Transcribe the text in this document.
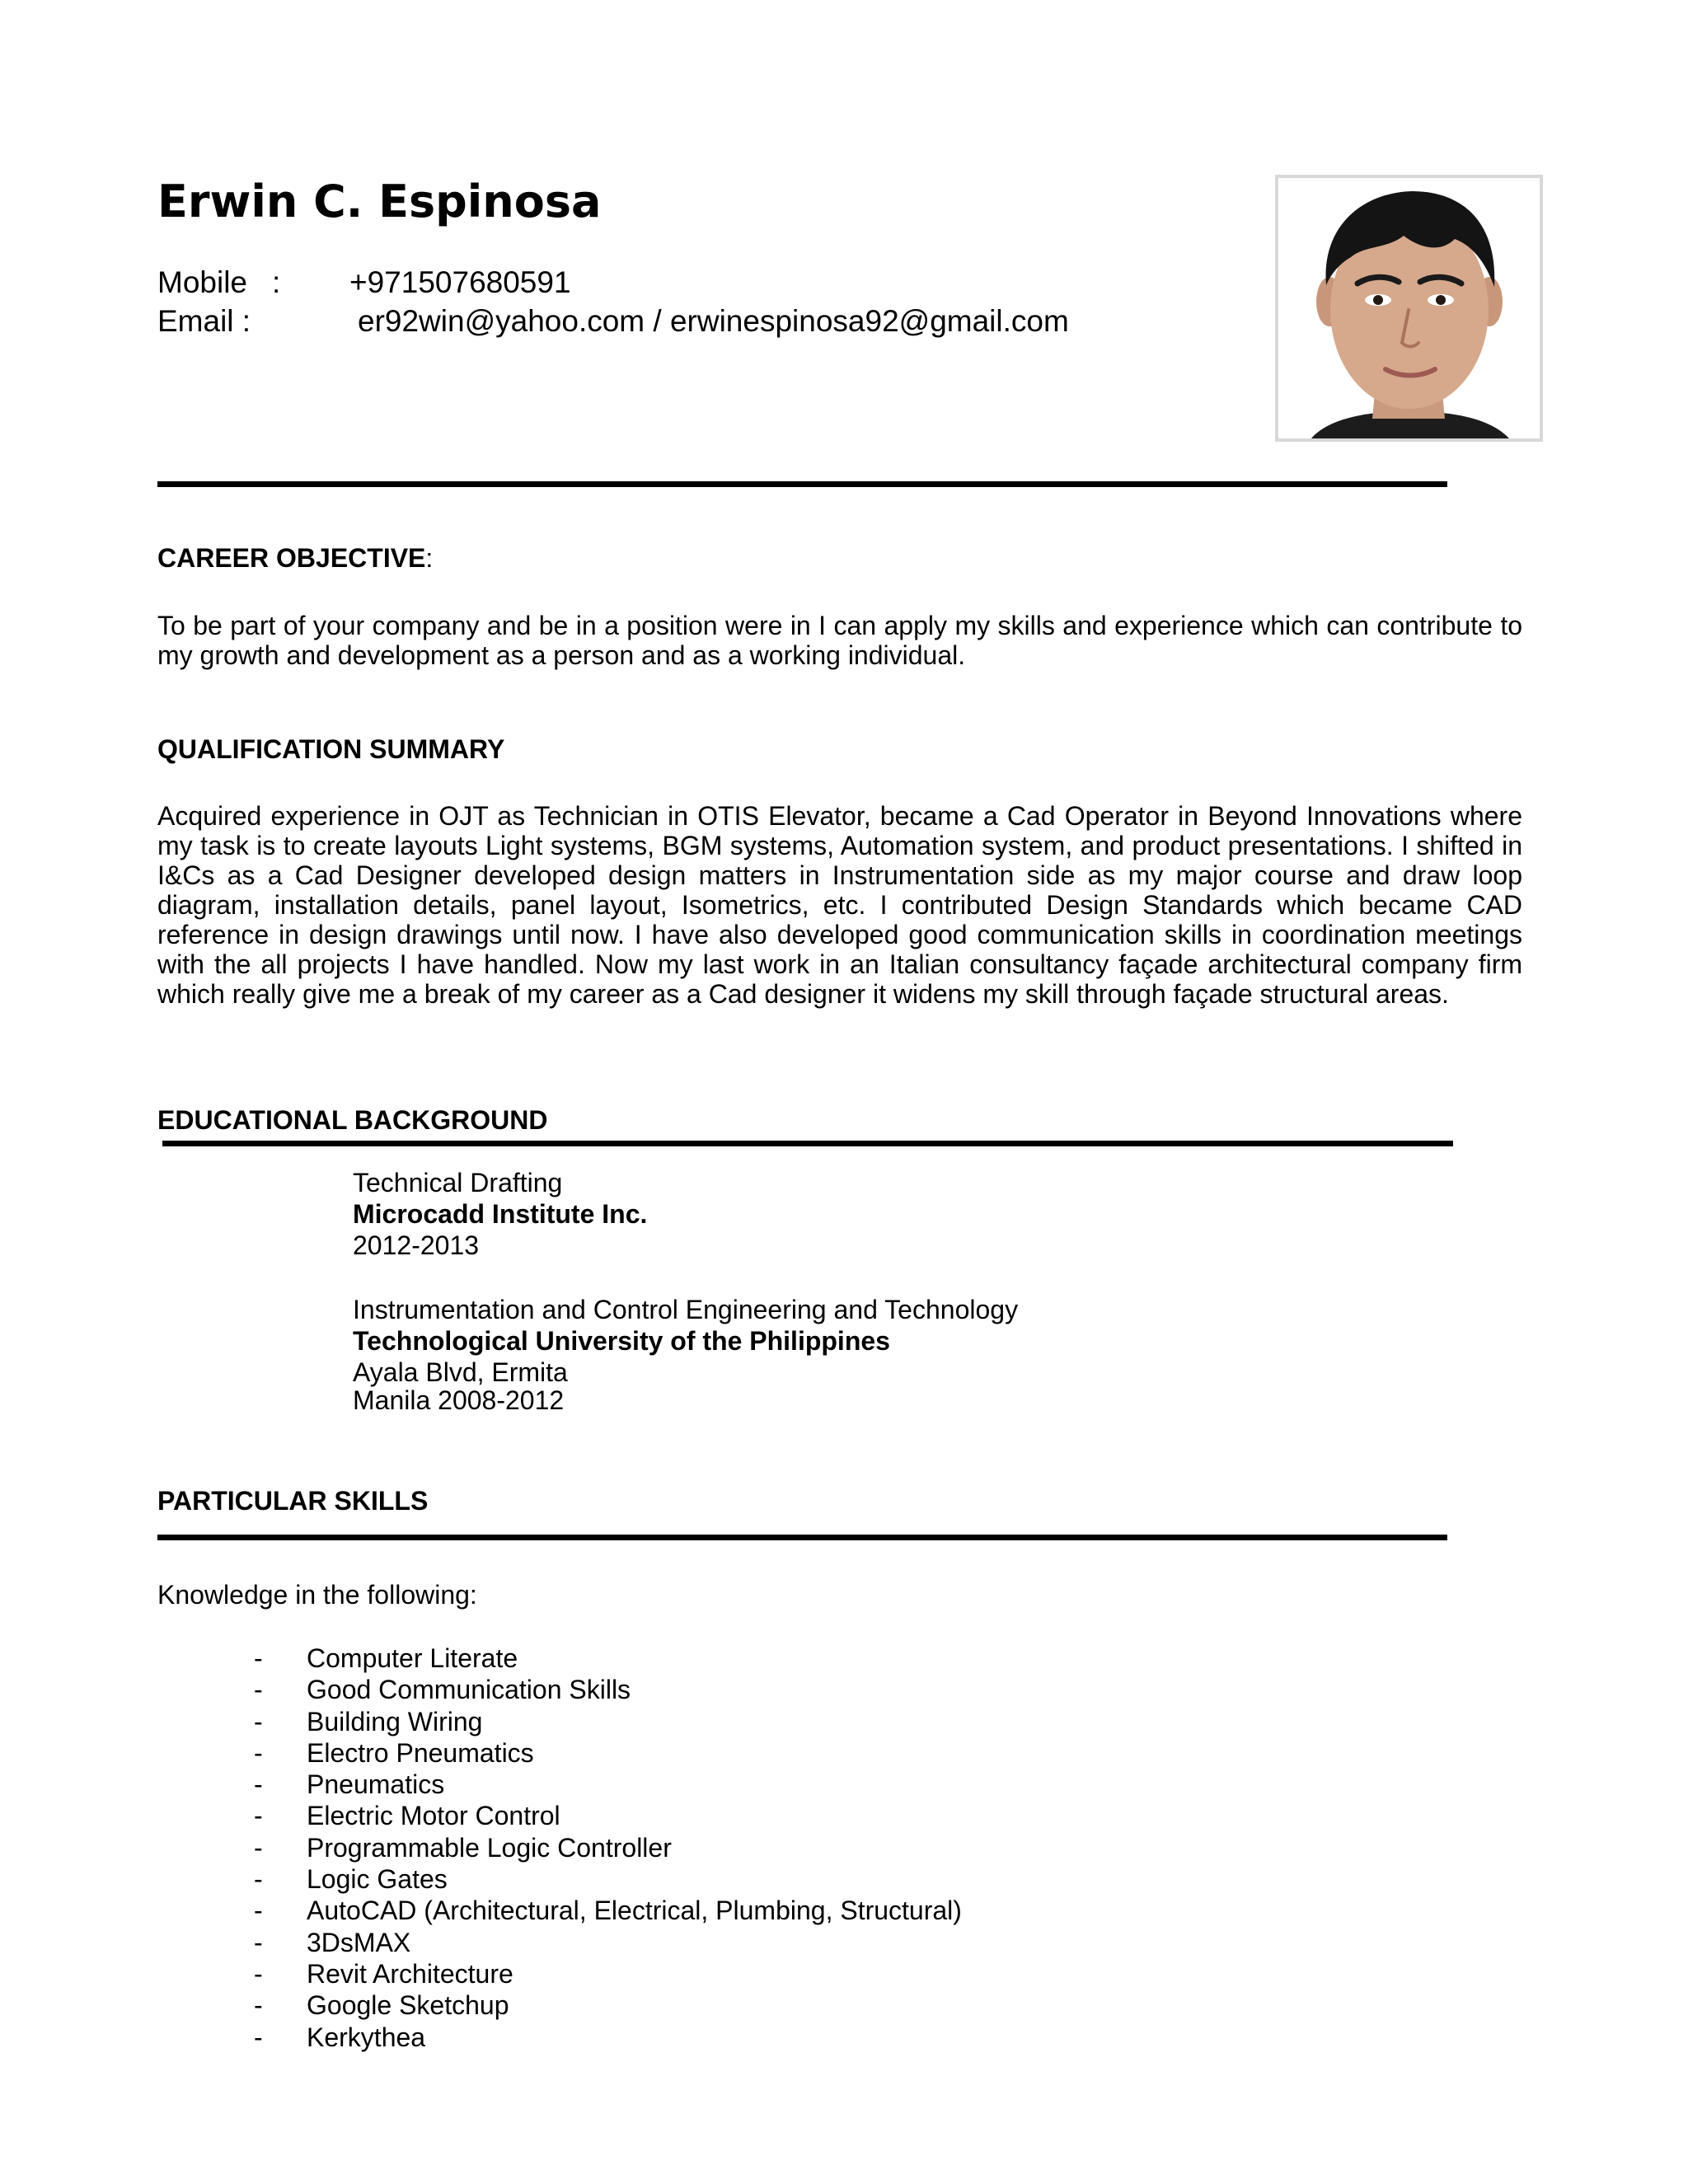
Erwin C. Espinosa
Mobile : +971507680591
Email :	er92win@yahoo.com / erwinespinosa92@gmail.com
CAREER OBJECTIVE:
To be part of your company and be in a position were in I can apply my skills and experience which can contribute to my growth and development as a person and as a working individual.
QUALIFICATION SUMMARY
Acquired experience in OJT as Technician in OTIS Elevator, became a Cad Operator in Beyond Innovations where my task is to create layouts Light systems, BGM systems, Automation system, and product presentations. I shifted in I&Cs as a Cad Designer developed design matters in Instrumentation side as my major course and draw loop diagram, installation details, panel layout, Isometrics, etc. I contributed Design Standards which became CAD reference in design drawings until now. I have also developed good communication skills in coordination meetings with the all projects I have handled. Now my last work in an Italian consultancy façade architectural company firm which really give me a break of my career as a Cad designer it widens my skill through façade structural areas.
EDUCATIONAL BACKGROUND
Technical Drafting
Microcadd Institute Inc.
2012-2013
Instrumentation and Control Engineering and Technology
Technological University of the Philippines
Ayala Blvd, Ermita
Manila 2008-2012
PARTICULAR SKILLS
Knowledge in the following:
- Computer Literate
- Good Communication Skills
- Building Wiring
- Electro Pneumatics
- Pneumatics
- Electric Motor Control
- Programmable Logic Controller
- Logic Gates
- AutoCAD (Architectural, Electrical, Plumbing, Structural)
- 3DsMAX
- Revit Architecture
- Google Sketchup
- Kerkythea
